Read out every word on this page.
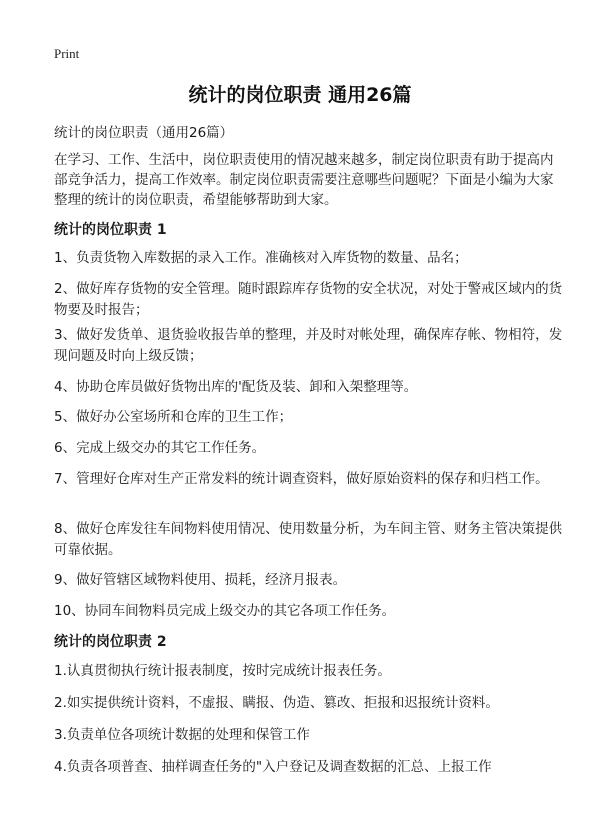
Print
统计的岗位职责 通用26篇
统计的岗位职责（通用26篇）
在学习、工作、生活中，岗位职责使用的情况越来越多，制定岗位职责有助于提高内部竞争活力，提高工作效率。制定岗位职责需要注意哪些问题呢？下面是小编为大家整理的统计的岗位职责，希望能够帮助到大家。
统计的岗位职责 1
1、负责货物入库数据的录入工作。准确核对入库货物的数量、品名；
2、做好库存货物的安全管理。随时跟踪库存货物的安全状况，对处于警戒区域内的货物要及时报告；
3、做好发货单、退货验收报告单的整理，并及时对帐处理，确保库存帐、物相符，发现问题及时向上级反馈；
4、协助仓库员做好货物出库的'配货及装、卸和入架整理等。
5、做好办公室场所和仓库的卫生工作；
6、完成上级交办的其它工作任务。
7、管理好仓库对生产正常发料的统计调查资料，做好原始资料的保存和归档工作。
8、做好仓库发往车间物料使用情况、使用数量分析，为车间主管、财务主管决策提供可靠依据。
9、做好管辖区域物料使用、损耗，经济月报表。
10、协同车间物料员完成上级交办的其它各项工作任务。
统计的岗位职责 2
1.认真贯彻执行统计报表制度，按时完成统计报表任务。
2.如实提供统计资料，不虚报、瞒报、伪造、篡改、拒报和迟报统计资料。
3.负责单位各项统计数据的处理和保管工作
4.负责各项普查、抽样调查任务的"入户登记及调查数据的汇总、上报工作
